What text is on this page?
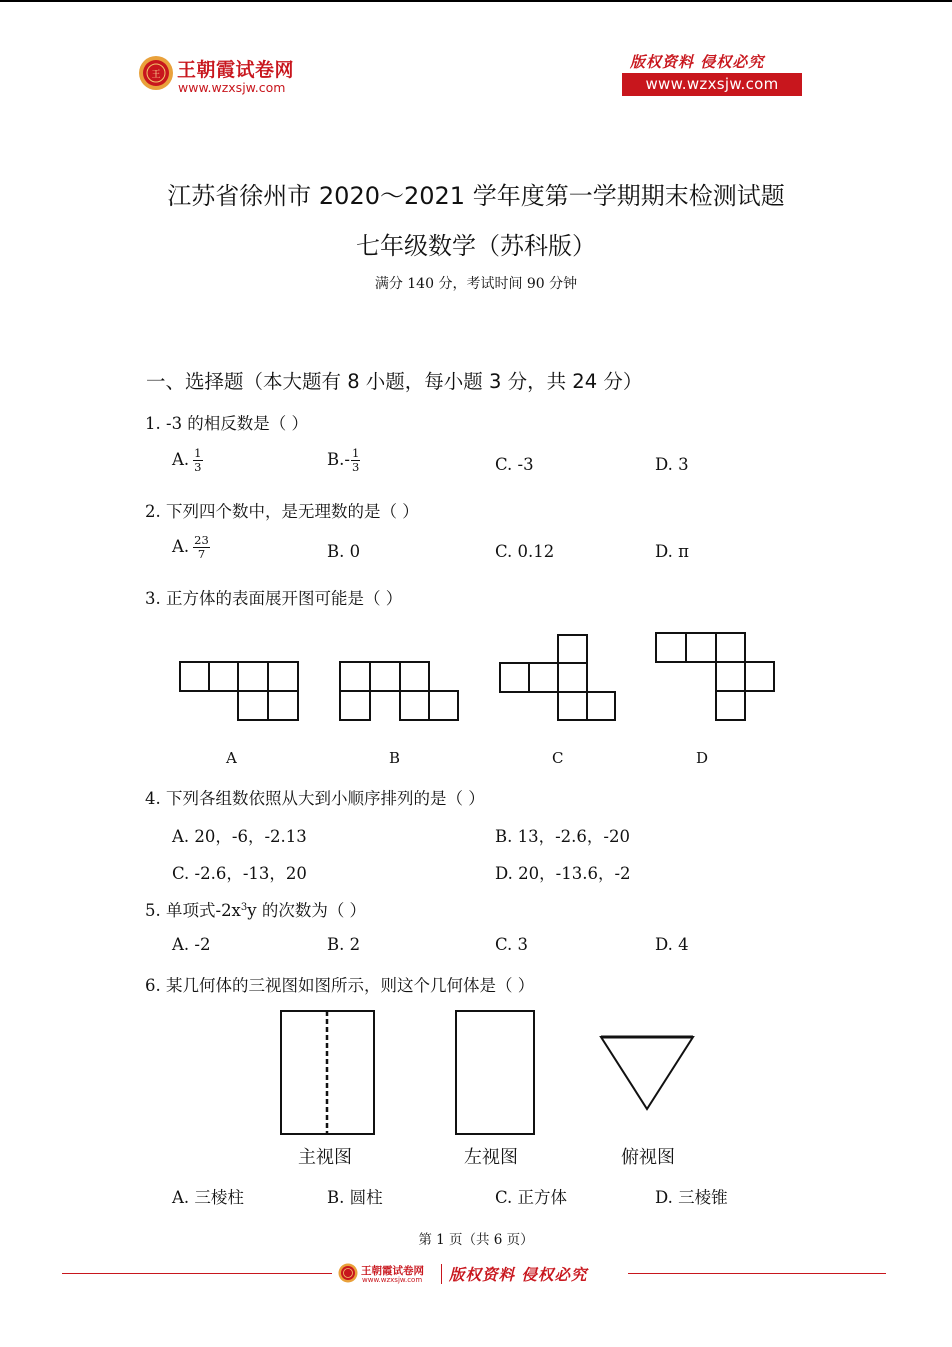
王 王朝霞试卷网
www.wzxsjw.com
版权资料 侵权必究
www.wzxsjw.com
江苏省徐州市 2020～2021 学年度第一学期期末检测试题
七年级数学（苏科版）
满分 140 分，考试时间 90 分钟
一、选择题（本大题有 8 小题，每小题 3 分，共 24 分）
1. -3 的相反数是（ ）
A. $\frac{1}{3}$	$B.- \frac{1}{3}$	C. -3	D. 3
2. 下列四个数中，是无理数的是（ ）
A. $\frac{23}{7}$	B. 0	C. 0.12	D. π
3. 正方体的表面展开图可能是（ ）
A	B	C	D
4. 下列各组数依照从大到小顺序排列的是（ ）
A. 20，-6，-2.13	B. 13，-2.6，-20
C. -2.6，-13，20	D. 20，-13.6，-2
5. 单项式$-2x^3y$ 的次数为（ ）
A. -2	B. 2	C. 3	D. 4
6. 某几何体的三视图如图所示，则这个几何体是（ ）
主视图	左视图	俯视图
A. 三棱柱	B. 圆柱	C. 正方体	D. 三棱锥
第 1 页（共 6 页）
王朝霞试卷网
www.wzxsjw.com 版权资料 侵权必究
